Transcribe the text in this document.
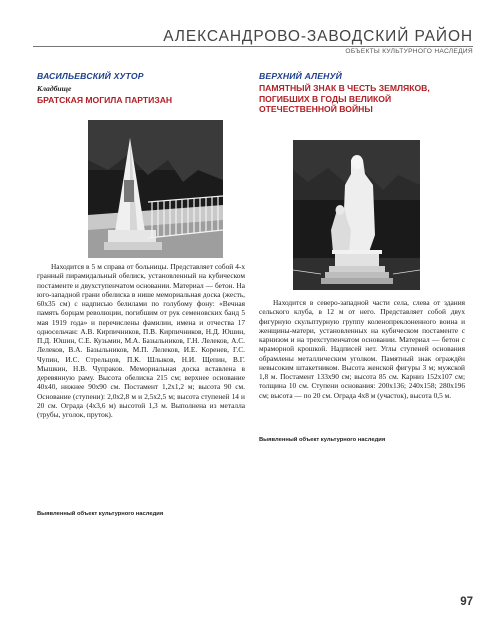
АЛЕКСАНДРОВО-ЗАВОДСКИЙ РАЙОН
ОБЪЕКТЫ КУЛЬТУРНОГО НАСЛЕДИЯ
ВАСИЛЬЕВСКИЙ ХУТОР
Кладбище
БРАТСКАЯ МОГИЛА ПАРТИЗАН

Находится в 5 м справа от больницы. Представляет собой 4-х гранный пирамидальный обелиск, установленный на кубическом постаменте и двухступенчатом основании. Материал — бетон. На юго-западной грани обелиска в нише мемориальная доска (жесть, 60х35 см) с надписью белилами по голубому фону: «Вечная память борцам революции, погибшим от рук семеновских банд 5 мая 1919 года» и перечислены фамилии, имена и отчества 17 односельчан: А.В. Кирпичников, П.В. Кирпичников, Н.Д. Юшин, П.Д. Юшин, С.Е. Кузьмин, М.А. Базыльников, Г.Н. Лелеков, А.С. Лелеков, В.А. Базыльников, М.П. Лелеков, И.Е. Коренев, Г.С. Чупин, И.С. Стрельцов, П.К. Шлыков, Н.И. Щепин, В.Г. Мышкин, Н.В. Чупраков. Мемориальная доска вставлена в деревянную раму. Высота обелиска 215 см; верхнее основание 40х40, нижнее 90х90 см. Постамент 1,2х1,2 м; высота 90 см. Основание (ступени): 2,0х2,8 м и 2,5х2,5 м; высота ступеней 14 и 20 см. Ограда (4х3,6 м) высотой 1,3 м. Выполнена из металла (трубы, уголок, пруток).

Выявленный объект культурного наследия
ВЕРХНИЙ АЛЕНУЙ
ПАМЯТНЫЙ ЗНАК В ЧЕСТЬ ЗЕМЛЯКОВ, ПОГИБШИХ В ГОДЫ ВЕЛИКОЙ ОТЕЧЕСТВЕННОЙ ВОЙНЫ

Находится в северо-западной части села, слева от здания сельского клуба, в 12 м от него. Представляет собой двух фигурную скульптурную группу коленопреклоненного воина и женщины-матери, установленных на кубическом постаменте с карнизом и на трехступенчатом основании. Материал — бетон с мраморной крошкой. Надписей нет. Углы ступеней основания обрамлены металлическим уголком. Памятный знак ограждён невысоким штакетником. Высота женской фигуры 3 м; мужской 1,8 м. Постамент 133х90 см; высота 85 см. Карниз 152х107 см; толщина 10 см. Ступени основания: 200х136; 240х158; 280х196 см; высота — по 20 см. Ограда 4х8 м (участок), высота 0,5 м.

Выявленный объект культурного наследия
97
